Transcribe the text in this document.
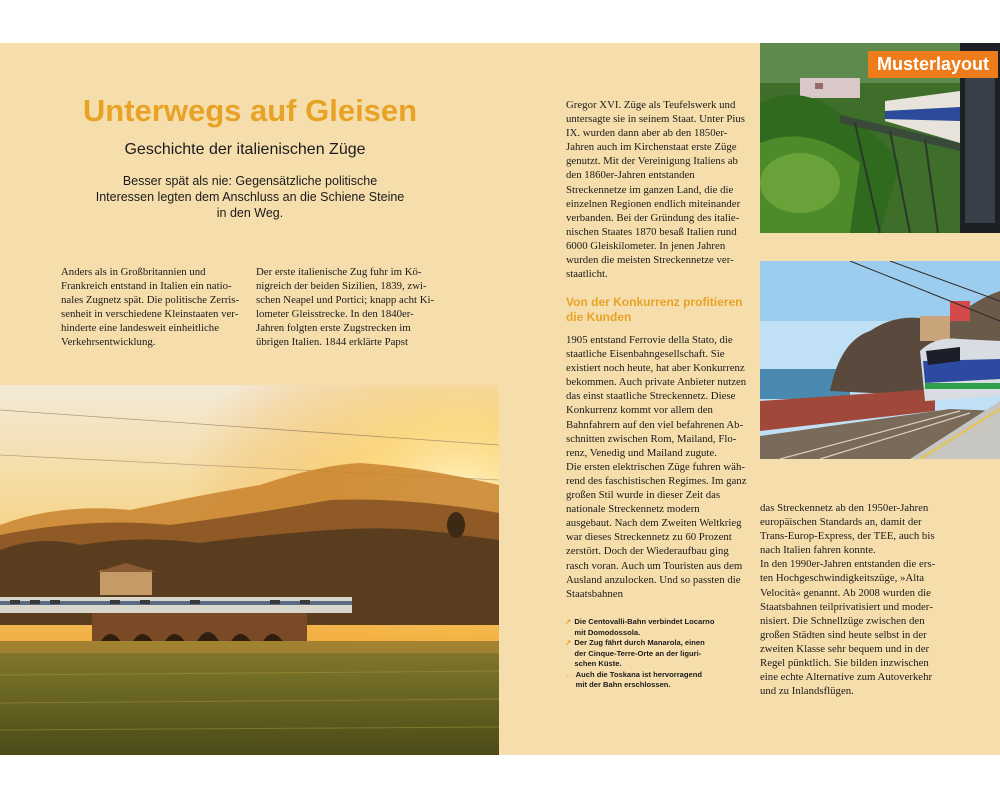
Unterwegs auf Gleisen
Geschichte der italienischen Züge
Besser spät als nie: Gegensätzliche politische Interessen legten dem Anschluss an die Schiene Steine in den Weg.

Anders als in Großbritannien und Frankreich entstand in Italien ein nationales Zugnetz spät. Die politische Zerrissenheit in verschiedene Kleinstaaten verhinderte eine landesweit einheitliche Verkehrsentwicklung.

Der erste italienische Zug fuhr im Königreich der beiden Sizilien, 1839, zwischen Neapel und Portici; knapp acht Kilometer Gleisstrecke. In den 1840er-Jahren folgten erste Zugstrecken im übrigen Italien. 1844 erklärte Papst

Gregor XVI. Züge als Teufelswerk und untersagte sie in seinem Staat. Unter Pius IX. wurden dann aber ab den 1850er-Jahren auch im Kirchenstaat erste Züge genutzt. Mit der Vereinigung Italiens ab den 1860er-Jahren entstanden Streckennetze im ganzen Land, die die einzelnen Regionen endlich miteinander verbanden. Bei der Gründung des italienischen Staates 1870 besaß Italien rund 6000 Gleiskilometer. In jenen Jahren wurden die meisten Streckennetze verstaatlicht.

Von der Konkurrenz profitieren die Kunden

1905 entstand Ferrovie della Stato, die staatliche Eisenbahngesellschaft. Sie existiert noch heute, hat aber Konkurrenz bekommen. Auch private Anbieter nutzen das einst staatliche Streckennetz. Diese Konkurrenz kommt vor allem den Bahnfahrern auf den viel befahrenen Abschnitten zwischen Rom, Mailand, Florenz, Venedig und Mailand zugute.

Die ersten elektrischen Züge fuhren während des faschistischen Regimes. Im ganz großen Stil wurde in dieser Zeit das nationale Streckennetz modern ausgebaut. Nach dem Zweiten Weltkrieg war dieses Streckennetz zu 60 Prozent zerstört. Doch der Wiederaufbau ging rasch voran. Auch um Touristen aus dem Ausland anzulocken. Und so passten die Staatsbahnen

das Streckennetz ab den 1950er-Jahren europäischen Standards an, damit der Trans-Europ-Express, der TEE, auch bis nach Italien fahren konnte.

In den 1990er-Jahren entstanden die ersten Hochgeschwindigkeitszüge, »Alta Velocità« genannt. Ab 2008 wurden die Staatsbahnen teilprivatisiert und modernisiert. Die Schnellzüge zwischen den großen Städten sind heute selbst in der zweiten Klasse sehr bequem und in der Regel pünktlich. Sie bilden inzwischen eine echte Alternative zum Autoverkehr und zu Inlandsflügen.

↗ Die Centovalli-Bahn verbindet Locarno mit Domodossola.
↗ Der Zug fährt durch Manarola, einen der Cinque-Terre-Orte an der ligurischen Küste.
← Auch die Toskana ist hervorragend mit der Bahn erschlossen.
Musterlayout
